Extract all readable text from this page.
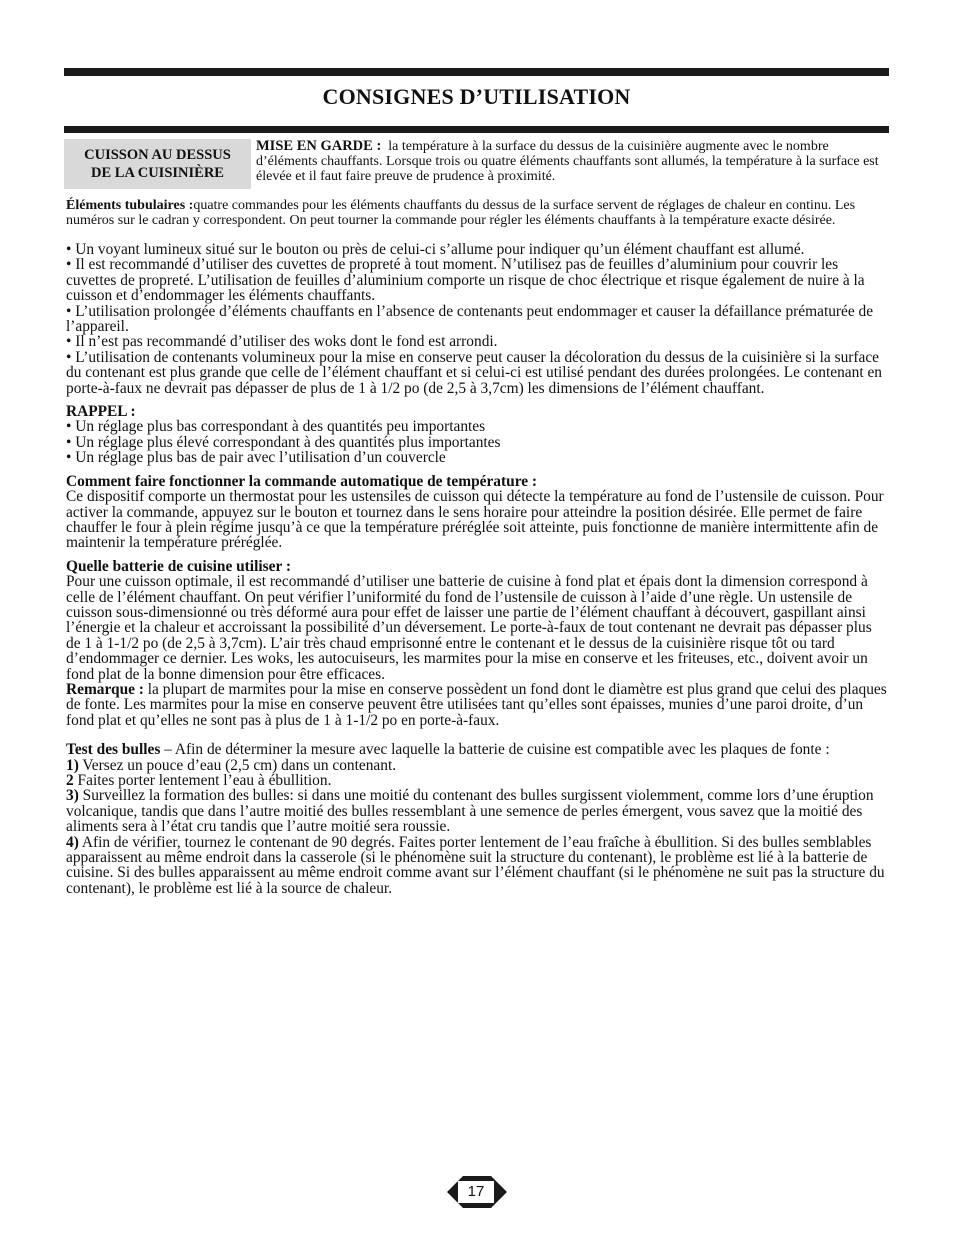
CONSIGNES D’UTILISATION
CUISSON AU DESSUS
DE LA CUISINIÈRE
MISE EN GARDE : la température à la surface du dessus de la cuisinière augmente avec le nombre d’éléments chauffants. Lorsque trois ou quatre éléments chauffants sont allumés, la température à la surface est élevée et il faut faire preuve de prudence à proximité.

Éléments tubulaires :quatre commandes pour les éléments chauffants du dessus de la surface servent de réglages de chaleur en continu. Les numéros sur le cadran y correspondent. On peut tourner la commande pour régler les éléments chauffants à la température exacte désirée.

• Un voyant lumineux situé sur le bouton ou près de celui-ci s’allume pour indiquer qu’un élément chauffant est allumé.

• Il est recommandé d’utiliser des cuvettes de propreté à tout moment. N’utilisez pas de feuilles d’aluminium pour couvrir les cuvettes de propreté. L’utilisation de feuilles d’aluminium comporte un risque de choc électrique et risque également de nuire à la cuisson et d’endommager les éléments chauffants.

• L’utilisation prolongée d’éléments chauffants en l’absence de contenants peut endommager et causer la défaillance prématurée de l’appareil.

• Il n’est pas recommandé d’utiliser des woks dont le fond est arrondi.

• L’utilisation de contenants volumineux pour la mise en conserve peut causer la décoloration du dessus de la cuisinière si la surface du contenant est plus grande que celle de l’élément chauffant et si celui-ci est utilisé pendant des durées prolongées. Le contenant en porte-à-faux ne devrait pas dépasser de plus de 1 à 1/2 po (de 2,5 à 3,7cm) les dimensions de l’élément chauffant.

RAPPEL :

• Un réglage plus bas correspondant à des quantités peu importantes

• Un réglage plus élevé correspondant à des quantités plus importantes

• Un réglage plus bas de pair avec l’utilisation d’un couvercle

Comment faire fonctionner la commande automatique de température :

Ce dispositif comporte un thermostat pour les ustensiles de cuisson qui détecte la température au fond de l’ustensile de cuisson. Pour activer la commande, appuyez sur le bouton et tournez dans le sens horaire pour atteindre la position désirée. Elle permet de faire chauffer le four à plein régime jusqu’à ce que la température préréglée soit atteinte, puis fonctionne de manière intermittente afin de maintenir la température préréglée.

Quelle batterie de cuisine utiliser :

Pour une cuisson optimale, il est recommandé d’utiliser une batterie de cuisine à fond plat et épais dont la dimension correspond à celle de l’élément chauffant. On peut vérifier l’uniformité du fond de l’ustensile de cuisson à l’aide d’une règle. Un ustensile de cuisson sous-dimensionné ou très déformé aura pour effet de laisser une partie de l’élément chauffant à découvert, gaspillant ainsi l’énergie et la chaleur et accroissant la possibilité d’un déversement. Le porte-à-faux de tout contenant ne devrait pas dépasser plus de 1 à 1-1/2 po (de 2,5 à 3,7cm). L’air très chaud emprisonné entre le contenant et le dessus de la cuisinière risque tôt ou tard d’endommager ce dernier. Les woks, les autocuiseurs, les marmites pour la mise en conserve et les friteuses, etc., doivent avoir un fond plat de la bonne dimension pour être efficaces.

Remarque : la plupart de marmites pour la mise en conserve possèdent un fond dont le diamètre est plus grand que celui des plaques de fonte. Les marmites pour la mise en conserve peuvent être utilisées tant qu’elles sont épaisses, munies d’une paroi droite, d’un fond plat et qu’elles ne sont pas à plus de 1 à 1-1/2 po en porte-à-faux.

Test des bulles – Afin de déterminer la mesure avec laquelle la batterie de cuisine est compatible avec les plaques de fonte :

1) Versez un pouce d’eau (2,5 cm) dans un contenant.

2 Faites porter lentement l’eau à ébullition.

3) Surveillez la formation des bulles: si dans une moitié du contenant des bulles surgissent violemment, comme lors d’une éruption volcanique, tandis que dans l’autre moitié des bulles ressemblant à une semence de perles émergent, vous savez que la moitié des aliments sera à l’état cru tandis que l’autre moitié sera roussie.

4) Afin de vérifier, tournez le contenant de 90 degrés. Faites porter lentement de l’eau fraîche à ébullition. Si des bulles semblables apparaissent au même endroit dans la casserole (si le phénomène suit la structure du contenant), le problème est lié à la batterie de cuisine. Si des bulles apparaissent au même endroit comme avant sur l’élément chauffant (si le phénomène ne suit pas la structure du contenant), le problème est lié à la source de chaleur.

17
